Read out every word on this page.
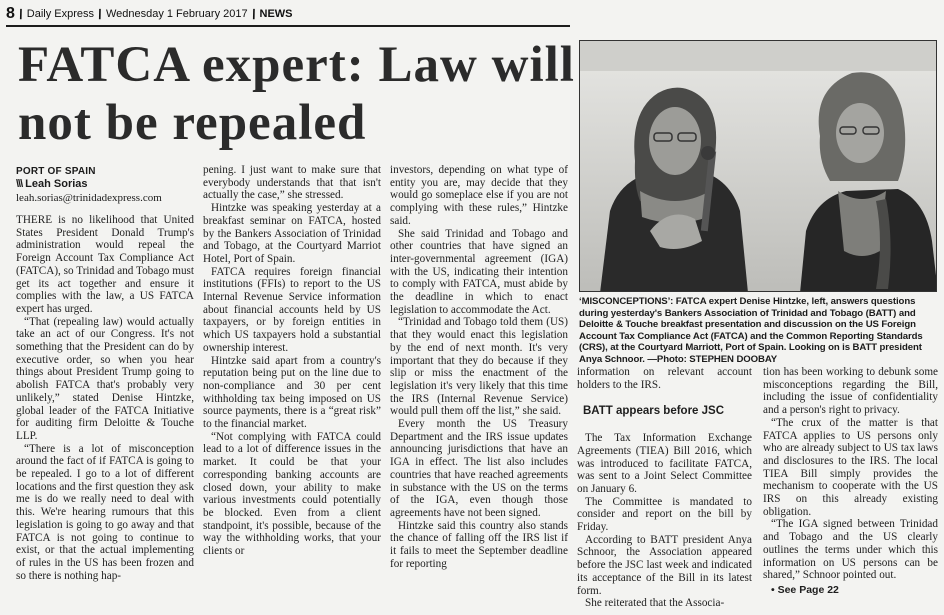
8 \ Daily Express \ Wednesday 1 February 2017 \ NEWS
FATCA expert: Law will not be repealed
PORT OF SPAIN
\\\ Leah Sorias
leah.sorias@trinidadexpress.com

THERE is no likelihood that United States President Donald Trump's administration would repeal the Foreign Account Tax Compliance Act (FATCA), so Trinidad and Tobago must get its act together and ensure it complies with the law, a US FATCA expert has urged.

“That (repealing law) would actually take an act of our Congress. It's not something that the President can do by executive order, so when you hear things about President Trump going to abolish FATCA that's probably very unlikely,” stated Denise Hintzke, global leader of the FATCA Initiative for auditing firm Deloitte & Touche LLP.

“There is a lot of misconception around the fact of if FATCA is going to be repealed. I go to a lot of different locations and the first question they ask me is do we really need to deal with this. We're hearing rumours that this legislation is going to go away and that FATCA is not going to continue to exist, or that the actual implementing of rules in the US has been frozen and so there is nothing hap-

pening. I just want to make sure that everybody understands that that isn't actually the case,” she stressed.

Hintzke was speaking yesterday at a breakfast seminar on FATCA, hosted by the Bankers Association of Trinidad and Tobago, at the Courtyard Marriot Hotel, Port of Spain.

FATCA requires foreign financial institutions (FFIs) to report to the US Internal Revenue Service information about financial accounts held by US taxpayers, or by foreign entities in which US taxpayers hold a substantial ownership interest.

Hintzke said apart from a country's reputation being put on the line due to non-compliance and 30 per cent withholding tax being imposed on US source payments, there is a “great risk” to the financial market.

“Not complying with FATCA could lead to a lot of difference issues in the market. It could be that your corresponding banking accounts are closed down, your ability to make various investments could potentially be blocked. Even from a client standpoint, it's possible, because of the way the withholding works, that your clients or

investors, depending on what type of entity you are, may decide that they would go someplace else if you are not complying with these rules,” Hintzke said.

She said Trinidad and Tobago and other countries that have signed an inter-governmental agreement (IGA) with the US, indicating their intention to comply with FATCA, must abide by the deadline in which to enact legislation to accommodate the Act.

“Trinidad and Tobago told them (US) that they would enact this legislation by the end of next month. It's very important that they do because if they slip or miss the enactment of the legislation it's very likely that this time the IRS (Internal Revenue Service) would pull them off the list,” she said.

Every month the US Treasury Department and the IRS issue updates announcing jurisdictions that have an IGA in effect. The list also includes countries that have reached agreements in substance with the US on the terms of the IGA, even though those agreements have not been signed.

Hintzke said this country also stands the chance of falling off the IRS list if it fails to meet the September deadline for reporting

‘MISCONCEPTIONS’: FATCA expert Denise Hintzke, left, answers questions during yesterday's Bankers Association of Trinidad and Tobago (BATT) and Deloitte & Touche breakfast presentation and discussion on the US Foreign Account Tax Compliance Act (FATCA) and the Common Reporting Standards (CRS), at the Courtyard Marriott, Port of Spain. Looking on is BATT president Anya Schnoor. —Photo: STEPHEN DOOBAY

information on relevant account holders to the IRS.

BATT appears before JSC

The Tax Information Exchange Agreements (TIEA) Bill 2016, which was introduced to facilitate FATCA, was sent to a Joint Select Committee on January 6.

The Committee is mandated to consider and report on the bill by Friday.

According to BATT president Anya Schnoor, the Association appeared before the JSC last week and indicated its acceptance of the Bill in its latest form.

She reiterated that the Associa-

tion has been working to debunk some misconceptions regarding the Bill, including the issue of confidentiality and a person's right to privacy.

“The crux of the matter is that FATCA applies to US persons only who are already subject to US tax laws and disclosures to the IRS. The local TIEA Bill simply provides the mechanism to cooperate with the US IRS on this already existing obligation.

“The IGA signed between Trinidad and Tobago and the US clearly outlines the terms under which this information on US persons can be shared,” Schnoor pointed out.

• See Page 22
